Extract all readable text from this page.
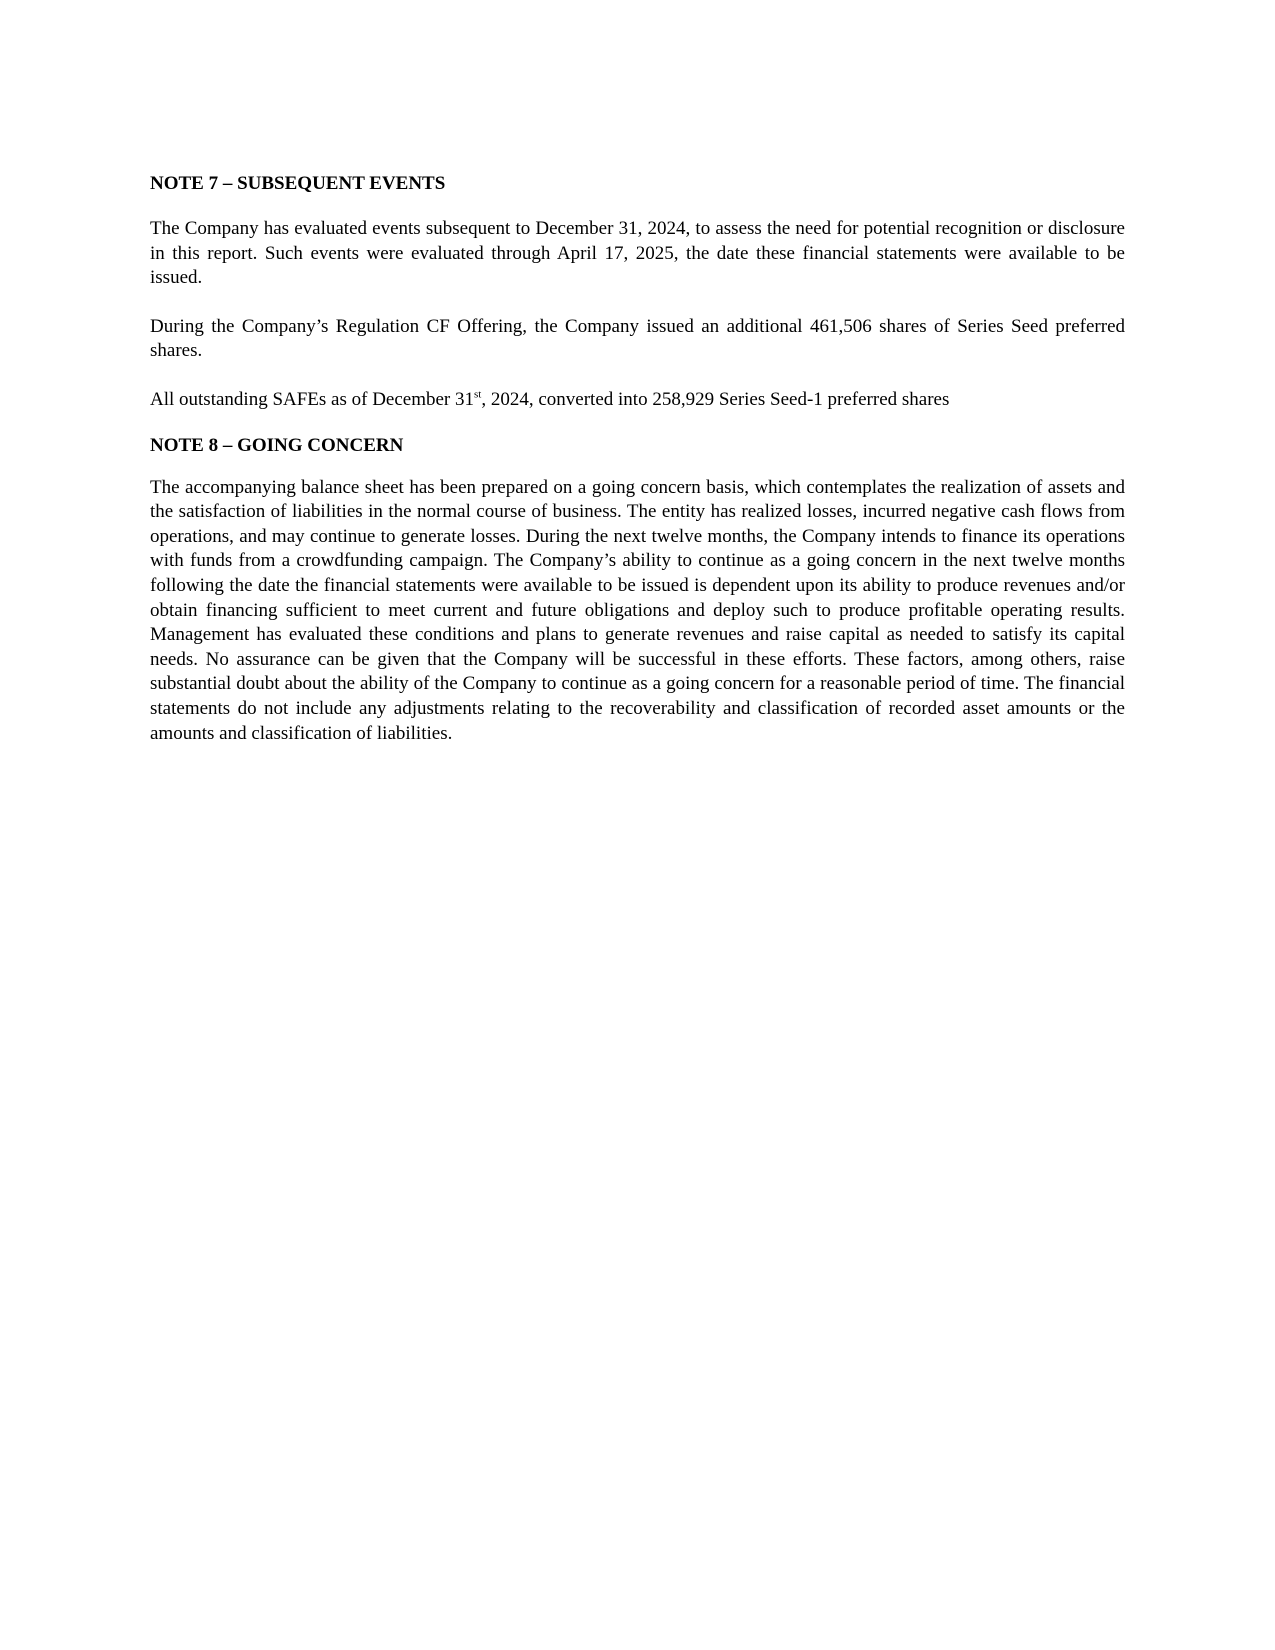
NOTE 7 – SUBSEQUENT EVENTS

The Company has evaluated events subsequent to December 31, 2024, to assess the need for potential recognition or disclosure in this report. Such events were evaluated through April 17, 2025, the date these financial statements were available to be issued.

During the Company’s Regulation CF Offering, the Company issued an additional 461,506 shares of Series Seed preferred shares.

All outstanding SAFEs as of December 31st, 2024, converted into 258,929 Series Seed-1 preferred shares

NOTE 8 – GOING CONCERN

The accompanying balance sheet has been prepared on a going concern basis, which contemplates the realization of assets and the satisfaction of liabilities in the normal course of business. The entity has realized losses, incurred negative cash flows from operations, and may continue to generate losses. During the next twelve months, the Company intends to finance its operations with funds from a crowdfunding campaign. The Company’s ability to continue as a going concern in the next twelve months following the date the financial statements were available to be issued is dependent upon its ability to produce revenues and/or obtain financing sufficient to meet current and future obligations and deploy such to produce profitable operating results. Management has evaluated these conditions and plans to generate revenues and raise capital as needed to satisfy its capital needs. No assurance can be given that the Company will be successful in these efforts. These factors, among others, raise substantial doubt about the ability of the Company to continue as a going concern for a reasonable period of time. The financial statements do not include any adjustments relating to the recoverability and classification of recorded asset amounts or the amounts and classification of liabilities.
